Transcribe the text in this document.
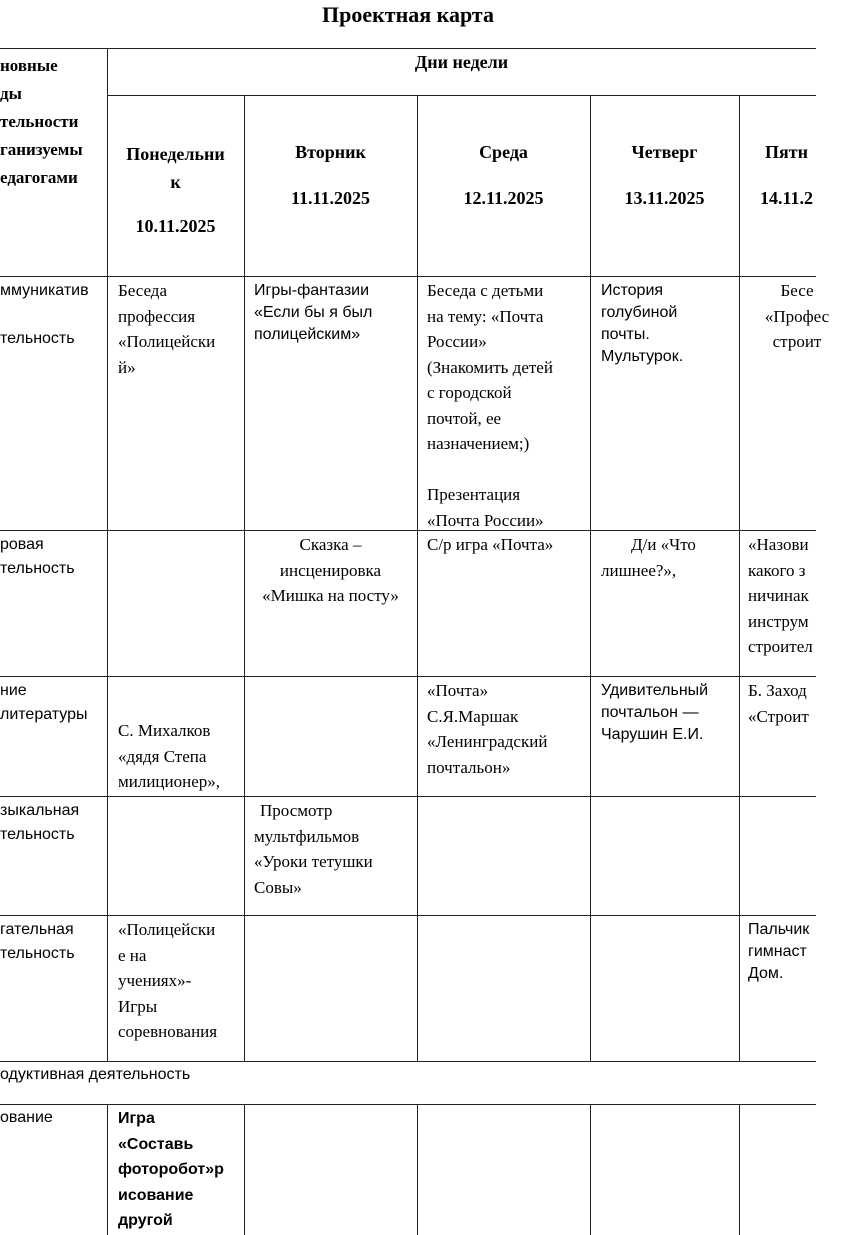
Проектная карта
новные
ды
тельности
ганизуемы
едагогами
Дни недели
Понедельни
к
10.11.2025
Вторник
11.11.2025
Среда
12.11.2025
Четверг
13.11.2025
Пятн
14.11.2
ммуникатив

тельность
Беседа
профессия
«Полицейски
й»
Игры-фантазии
«Если бы я был
полицейским»
Беседа с детьми
на тему: «Почта
России»
(Знакомить детей
с городской
почтой, ее
назначением;)

Презентация
«Почта России»
История
голубиной
почты.
Мультурок.
Бесе
«Профес
строит
ровая
тельность
Сказка –
инсценировка
«Мишка на посту»
С/р игра «Почта»	Д/и «Что
лишнее?»,
«Назови
какого з
ничинак
инструм
строител
ние
литературы
С. Михалков
«дядя Степа
милиционер»,
«Почта»
С.Я.Маршак
«Ленинградский
почтальон»
Удивительный
почтальон —
Чарушин Е.И.
Б. Заход
«Строит
зыкальная
тельность
Просмотр
мультфильмов
«Уроки тетушки
Совы»
гательная
тельность
«Полицейски
е на
учениях»-
Игры
соревнования
Пальчик
гимнаст
Дом.
одуктивная деятельность
ование	Игра
«Составь
фоторобот»р
исование
другой
